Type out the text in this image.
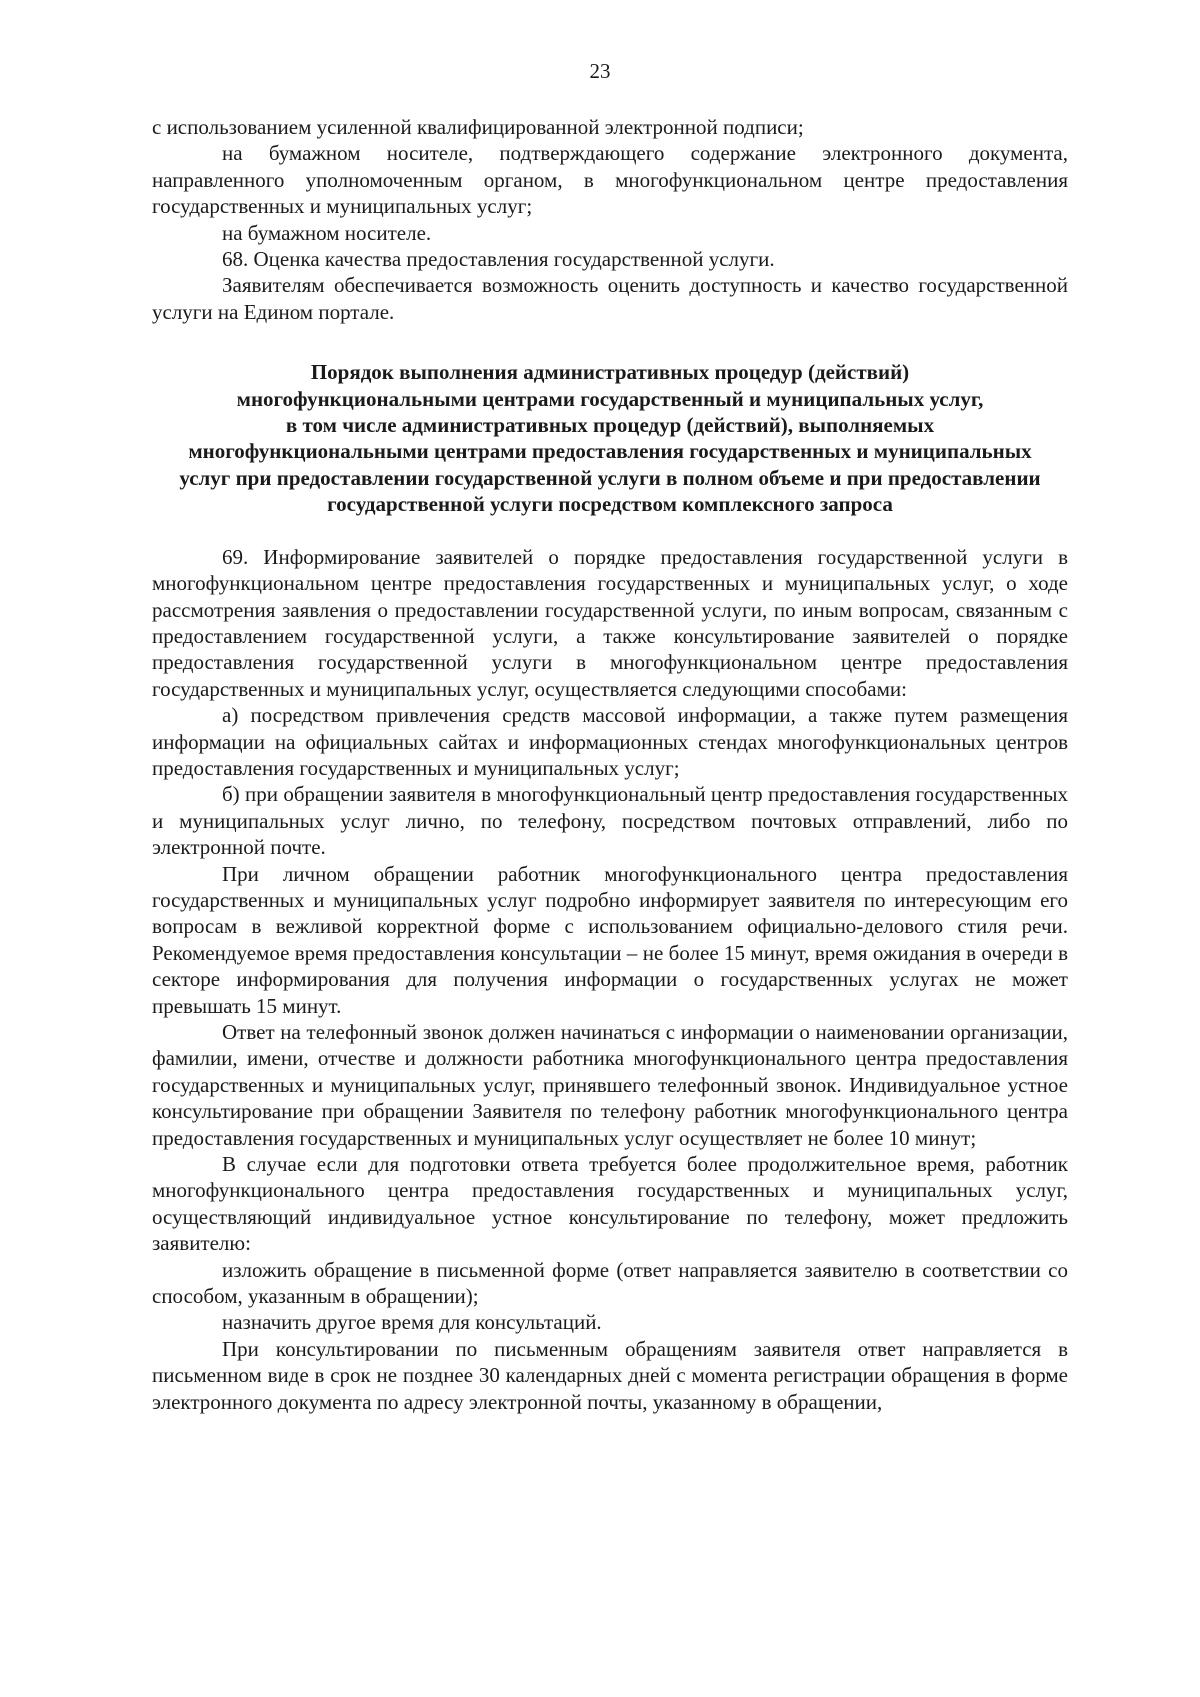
23

с использованием усиленной квалифицированной электронной подписи;

на бумажном носителе, подтверждающего содержание электронного документа, направленного уполномоченным органом, в многофункциональном центре предоставления государственных и муниципальных услуг;

на бумажном носителе.

68. Оценка качества предоставления государственной услуги.

Заявителям обеспечивается возможность оценить доступность и качество государственной услуги на Едином портале.

Порядок выполнения административных процедур (действий)
многофункциональными центрами государственный и муниципальных услуг,
в том числе административных процедур (действий), выполняемых
многофункциональными центрами предоставления государственных и муниципальных
услуг при предоставлении государственной услуги в полном объеме и при предоставлении
государственной услуги посредством комплексного запроса

69. Информирование заявителей о порядке предоставления государственной услуги в многофункциональном центре предоставления государственных и муниципальных услуг, о ходе рассмотрения заявления о предоставлении государственной услуги, по иным вопросам, связанным с предоставлением государственной услуги, а также консультирование заявителей о порядке предоставления государственной услуги в многофункциональном центре предоставления государственных и муниципальных услуг, осуществляется следующими способами:

а) посредством привлечения средств массовой информации, а также путем размещения информации на официальных сайтах и информационных стендах многофункциональных центров предоставления государственных и муниципальных услуг;

б) при обращении заявителя в многофункциональный центр предоставления государственных и муниципальных услуг лично, по телефону, посредством почтовых отправлений, либо по электронной почте.

При личном обращении работник многофункционального центра предоставления государственных и муниципальных услуг подробно информирует заявителя по интересующим его вопросам в вежливой корректной форме с использованием официально-делового стиля речи. Рекомендуемое время предоставления консультации – не более 15 минут, время ожидания в очереди в секторе информирования для получения информации о государственных услугах не может превышать 15 минут.

Ответ на телефонный звонок должен начинаться с информации о наименовании организации, фамилии, имени, отчестве и должности работника многофункционального центра предоставления государственных и муниципальных услуг, принявшего телефонный звонок. Индивидуальное устное консультирование при обращении Заявителя по телефону работник многофункционального центра предоставления государственных и муниципальных услуг осуществляет не более 10 минут;

В случае если для подготовки ответа требуется более продолжительное время, работник многофункционального центра предоставления государственных и муниципальных услуг, осуществляющий индивидуальное устное консультирование по телефону, может предложить заявителю:

изложить обращение в письменной форме (ответ направляется заявителю в соответствии со способом, указанным в обращении);

назначить другое время для консультаций.

При консультировании по письменным обращениям заявителя ответ направляется в письменном виде в срок не позднее 30 календарных дней с момента регистрации обращения в форме электронного документа по адресу электронной почты, указанному в обращении,
